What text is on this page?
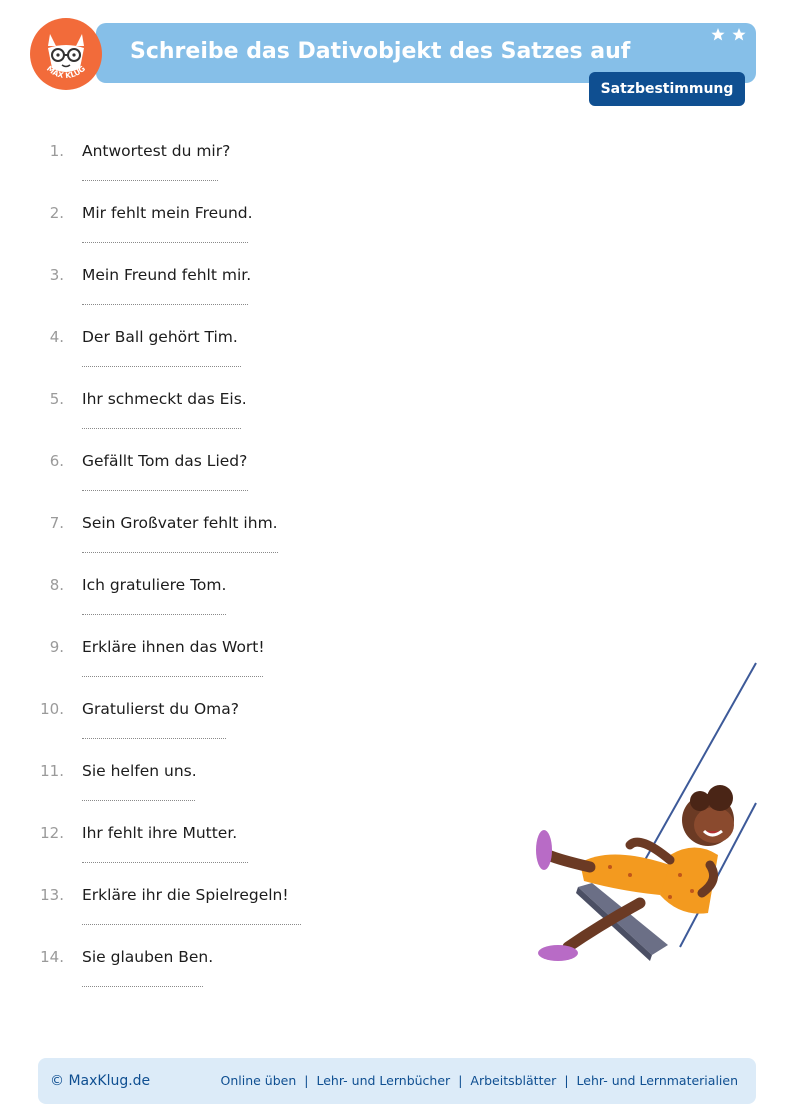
MAX KLUG
Schreibe das Dativobjekt des Satzes auf
Satzbestimmung
1. Antwortest du mir?
2. Mir fehlt mein Freund.
3. Mein Freund fehlt mir.
4. Der Ball gehört Tim.
5. Ihr schmeckt das Eis.
6. Gefällt Tom das Lied?
7. Sein Großvater fehlt ihm.
8. Ich gratuliere Tom.
9. Erkläre ihnen das Wort!
10. Gratulierst du Oma?
11. Sie helfen uns.
12. Ihr fehlt ihre Mutter.
13. Erkläre ihr die Spielregeln!
14. Sie glauben Ben.
© MaxKlug.de	Online üben | Lehr- und Lernbücher | Arbeitsblätter | Lehr- und Lernmaterialien
